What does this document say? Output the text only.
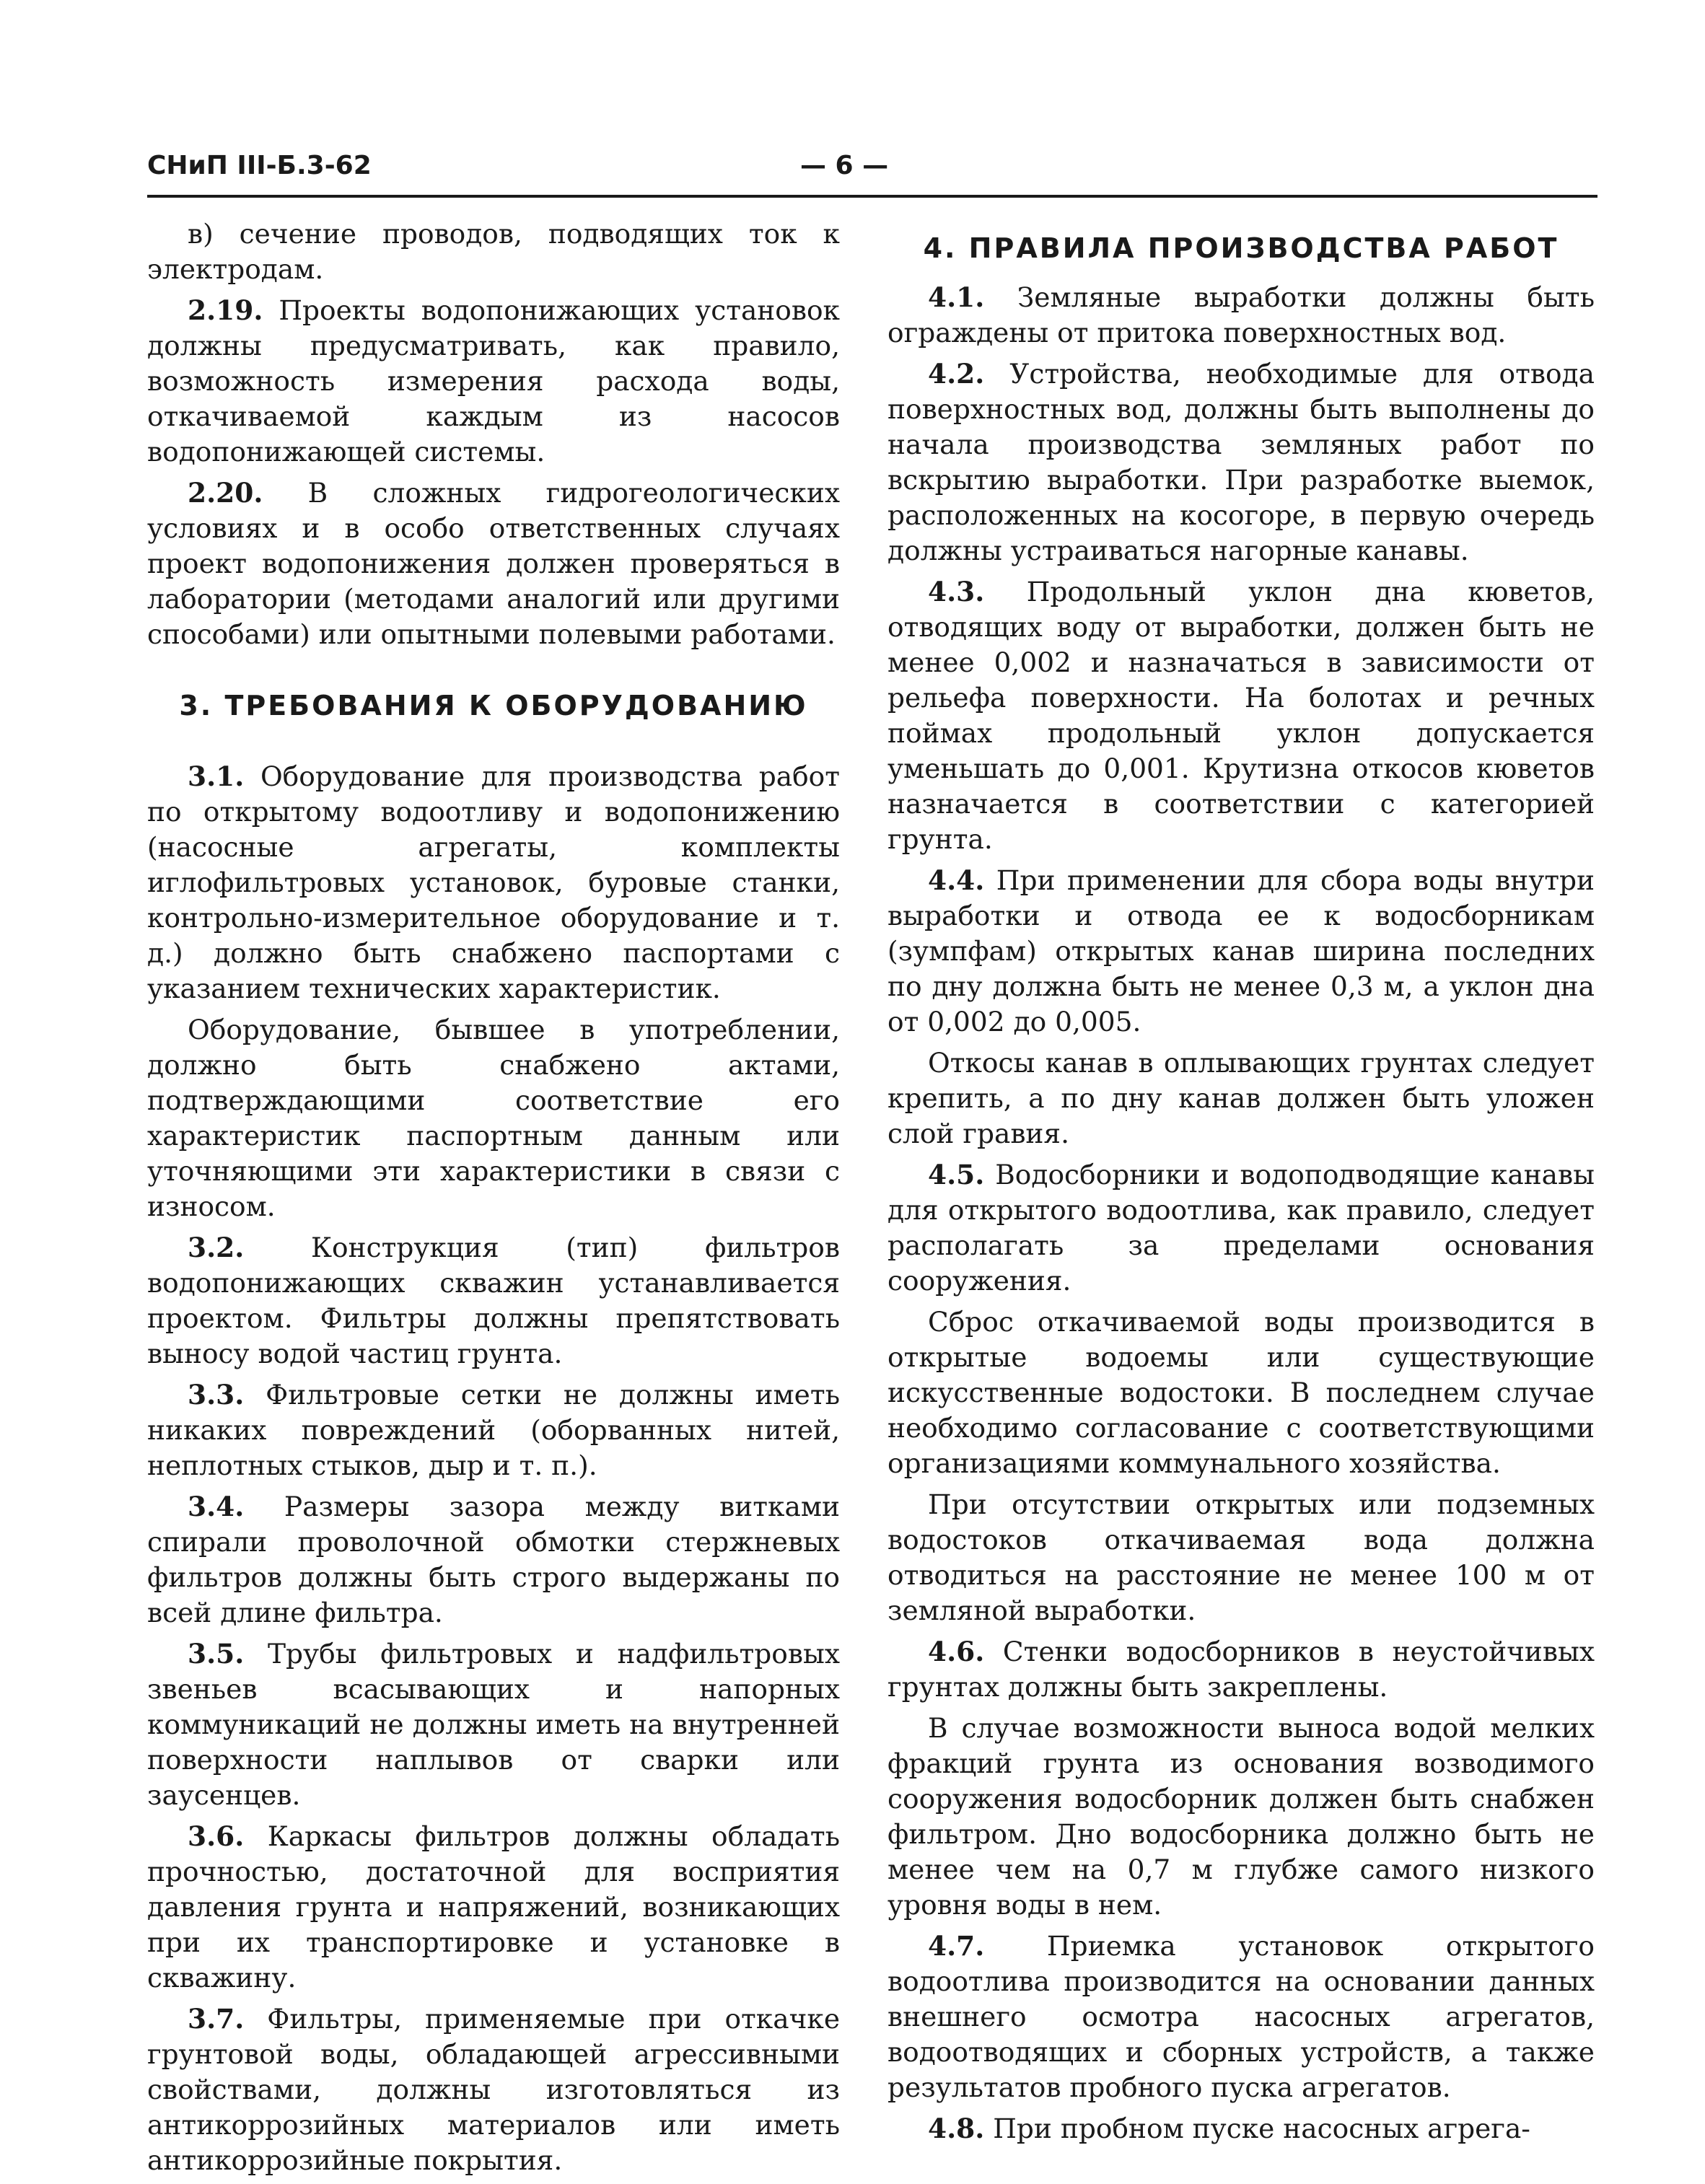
СНиП III-Б.3-62	— 6 —

в) сечение проводов, подводящих ток к электродам.

2.19. Проекты водопонижающих установок должны предусматривать, как правило, возможность измерения расхода воды, откачиваемой каждым из насосов водопонижающей системы.

2.20. В сложных гидрогеологических условиях и в особо ответственных случаях проект водопонижения должен проверяться в лаборатории (методами аналогий или другими способами) или опытными полевыми работами.

3. ТРЕБОВАНИЯ К ОБОРУДОВАНИЮ

3.1. Оборудование для производства работ по открытому водоотливу и водопонижению (насосные агрегаты, комплекты иглофильтровых установок, буровые станки, контрольно-измерительное оборудование и т. д.) должно быть снабжено паспортами с указанием технических характеристик.

Оборудование, бывшее в употреблении, должно быть снабжено актами, подтверждающими соответствие его характеристик паспортным данным или уточняющими эти характеристики в связи с износом.

3.2. Конструкция (тип) фильтров водопонижающих скважин устанавливается проектом. Фильтры должны препятствовать выносу водой частиц грунта.

3.3. Фильтровые сетки не должны иметь никаких повреждений (оборванных нитей, неплотных стыков, дыр и т. п.).

3.4. Размеры зазора между витками спирали проволочной обмотки стержневых фильтров должны быть строго выдержаны по всей длине фильтра.

3.5. Трубы фильтровых и надфильтровых звеньев всасывающих и напорных коммуникаций не должны иметь на внутренней поверхности наплывов от сварки или заусенцев.

3.6. Каркасы фильтров должны обладать прочностью, достаточной для восприятия давления грунта и напряжений, возникающих при их транспортировке и установке в скважину.

3.7. Фильтры, применяемые при откачке грунтовой воды, обладающей агрессивными свойствами, должны изготовляться из антикоррозийных материалов или иметь антикоррозийные покрытия.

4. ПРАВИЛА ПРОИЗВОДСТВА РАБОТ

4.1. Земляные выработки должны быть ограждены от притока поверхностных вод.

4.2. Устройства, необходимые для отвода поверхностных вод, должны быть выполнены до начала производства земляных работ по вскрытию выработки. При разработке выемок, расположенных на косогоре, в первую очередь должны устраиваться нагорные канавы.

4.3. Продольный уклон дна кюветов, отводящих воду от выработки, должен быть не менее 0,002 и назначаться в зависимости от рельефа поверхности. На болотах и речных поймах продольный уклон допускается уменьшать до 0,001. Крутизна откосов кюветов назначается в соответствии с категорией грунта.

4.4. При применении для сбора воды внутри выработки и отвода ее к водосборникам (зумпфам) открытых канав ширина последних по дну должна быть не менее 0,3 м, а уклон дна от 0,002 до 0,005.

Откосы канав в оплывающих грунтах следует крепить, а по дну канав должен быть уложен слой гравия.

4.5. Водосборники и водоподводящие канавы для открытого водоотлива, как правило, следует располагать за пределами основания сооружения.

Сброс откачиваемой воды производится в открытые водоемы или существующие искусственные водостоки. В последнем случае необходимо согласование с соответствующими организациями коммунального хозяйства.

При отсутствии открытых или подземных водостоков откачиваемая вода должна отводиться на расстояние не менее 100 м от земляной выработки.

4.6. Стенки водосборников в неустойчивых грунтах должны быть закреплены.

В случае возможности выноса водой мелких фракций грунта из основания возводимого сооружения водосборник должен быть снабжен фильтром. Дно водосборника должно быть не менее чем на 0,7 м глубже самого низкого уровня воды в нем.

4.7. Приемка установок открытого водоотлива производится на основании данных внешнего осмотра насосных агрегатов, водоотводящих и сборных устройств, а также результатов пробного пуска агрегатов.

4.8. При пробном пуске насосных агрега-
